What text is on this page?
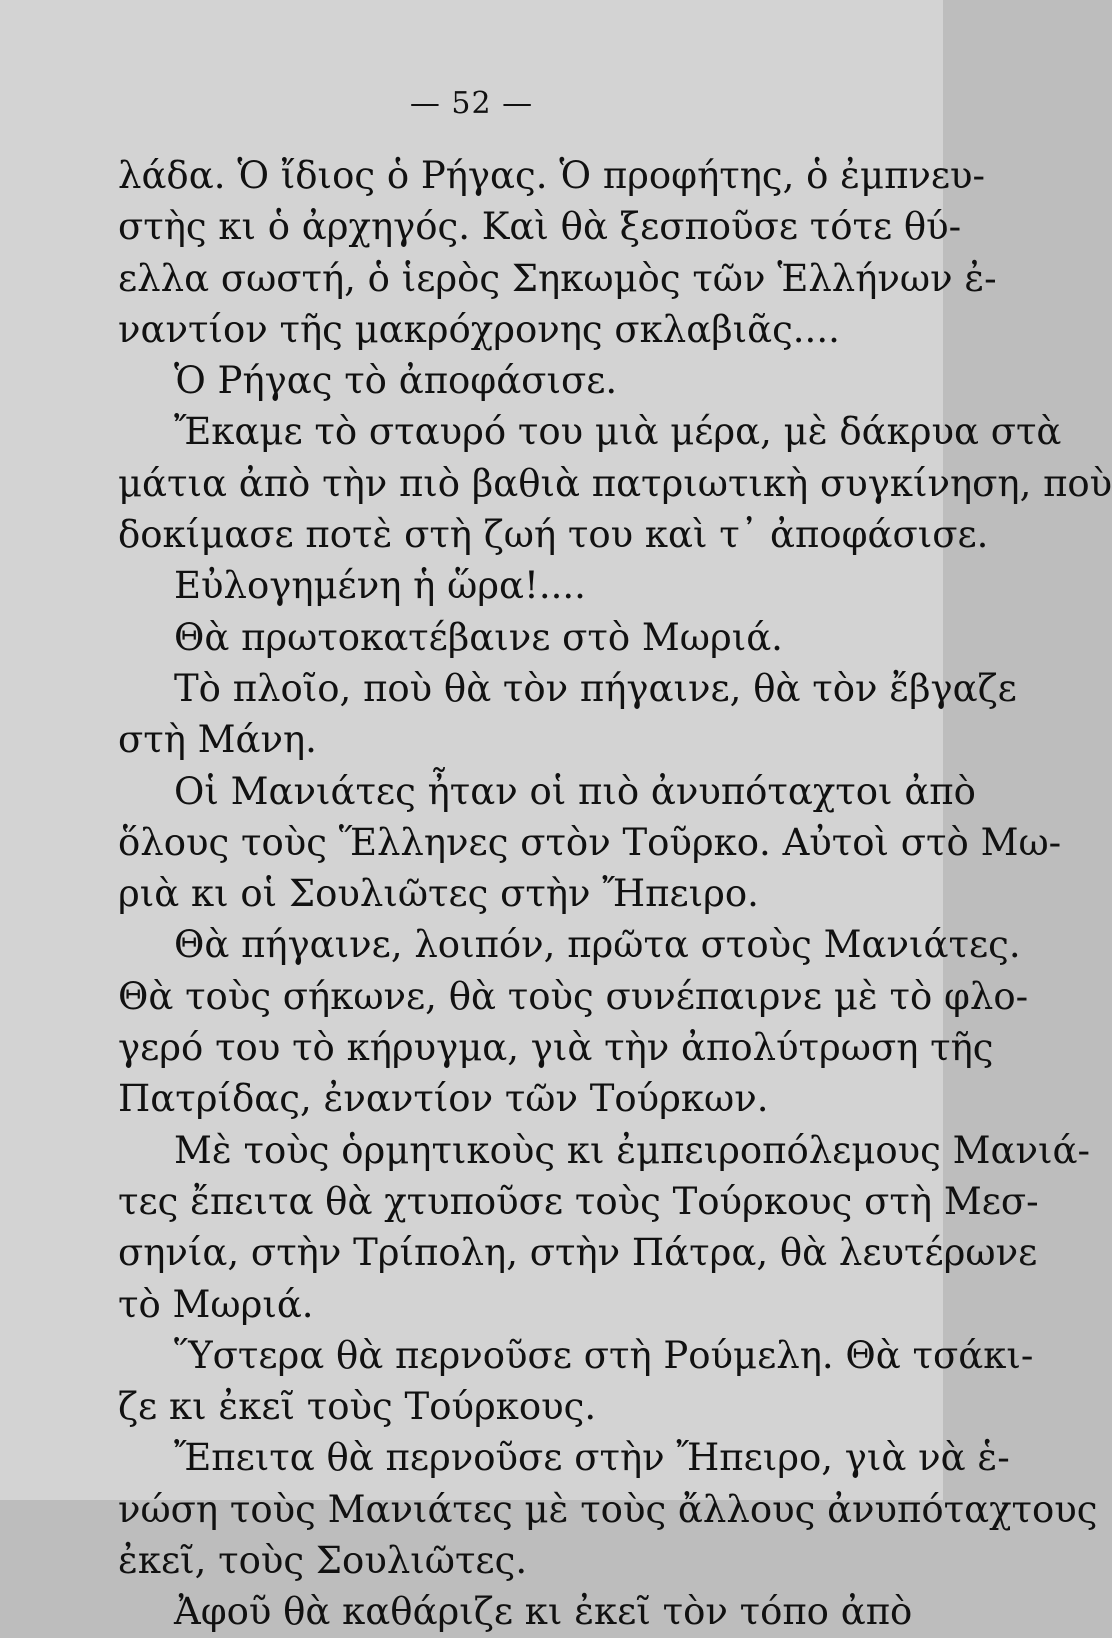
— 52 —
λάδα. Ὁ ἴδιος ὁ Ρήγας. Ὁ προφήτης, ὁ ἐμπνευ-
στὴς κι ὁ ἀρχηγός. Καὶ θὰ ξεσποῦσε τότε θύ-
ελλα σωστή, ὁ ἱερὸς Σηκωμὸς τῶν Ἑλλήνων ἐ-
ναντίον τῆς μακρόχρονης σκλαβιᾶς....
Ὁ Ρήγας τὸ ἀποφάσισε.
Ἔκαμε τὸ σταυρό του μιὰ μέρα, μὲ δάκρυα στὰ
μάτια ἀπὸ τὴν πιὸ βαθιὰ πατριωτικὴ συγκίνηση, ποὺ
δοκίμασε ποτὲ στὴ ζωή του καὶ τ᾽ ἀποφάσισε.
Εὐλογημένη ἡ ὥρα!....
Θὰ πρωτοκατέβαινε στὸ Μωριά.
Τὸ πλοῖο, ποὺ θὰ τὸν πήγαινε, θὰ τὸν ἔβγαζε
στὴ Μάνη.
Οἱ Μανιάτες ἦταν οἱ πιὸ ἀνυπόταχτοι ἀπὸ
ὅλους τοὺς Ἕλληνες στὸν Τοῦρκο. Αὐτοὶ στὸ Μω-
ριὰ κι οἱ Σουλιῶτες στὴν Ἤπειρο.
Θὰ πήγαινε, λοιπόν, πρῶτα στοὺς Μανιάτες.
Θὰ τοὺς σήκωνε, θὰ τοὺς συνέπαιρνε μὲ τὸ φλο-
γερό του τὸ κήρυγμα, γιὰ τὴν ἀπολύτρωση τῆς
Πατρίδας, ἐναντίον τῶν Τούρκων.
Μὲ τοὺς ὁρμητικοὺς κι ἐμπειροπόλεμους Μανιά-
τες ἔπειτα θὰ χτυποῦσε τοὺς Τούρκους στὴ Μεσ-
σηνία, στὴν Τρίπολη, στὴν Πάτρα, θὰ λευτέρωνε
τὸ Μωριά.
Ὕστερα θὰ περνοῦσε στὴ Ρούμελη. Θὰ τσάκι-
ζε κι ἐκεῖ τοὺς Τούρκους.
Ἔπειτα θὰ περνοῦσε στὴν Ἤπειρο, γιὰ νὰ ἑ-
νώση τοὺς Μανιάτες μὲ τοὺς ἄλλους ἀνυπόταχτους
ἐκεῖ, τοὺς Σουλιῶτες.
Ἀφοῦ θὰ καθάριζε κι ἐκεῖ τὸν τόπο ἀπὸ
